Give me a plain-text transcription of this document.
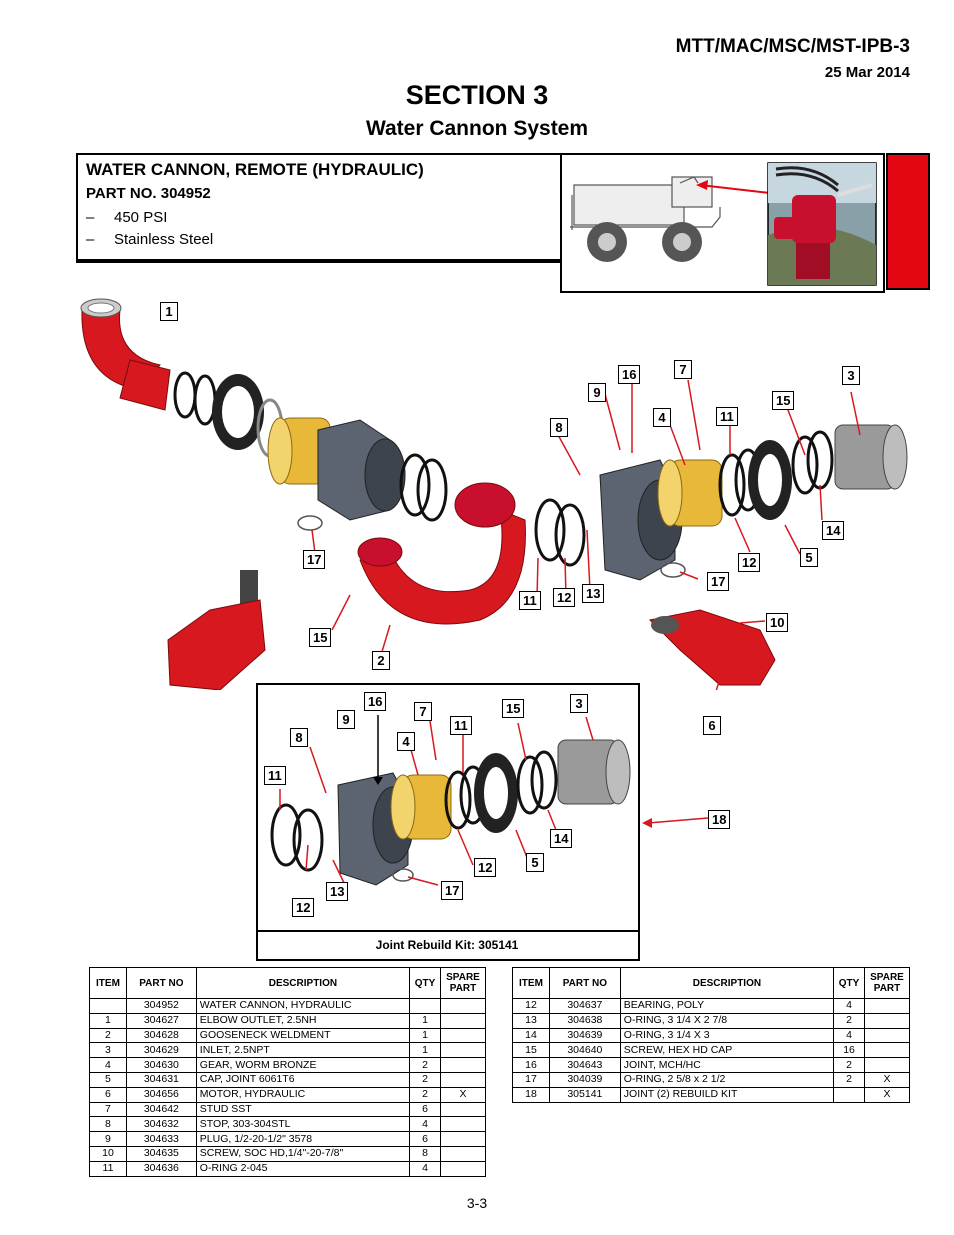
MTT/MAC/MSC/MST-IPB-3
25 Mar 2014
SECTION 3
Water Cannon System
WATER CANNON, REMOTE (HYDRAULIC)
PART NO. 304952
– 450 PSI
– Stainless Steel
1
16	7	3
9
4	11
15
8
14
17	12	5
17
11	12	13
10
15
2
6
18
Joint Rebuild Kit: 305141
16
7
3
9	11
15
8	4
11
14
12	5
13	17
12
ITEM	PART NO	DESCRIPTION	QTY	SPARE PART
	304952	WATER CANNON, HYDRAULIC		
1	304627	ELBOW OUTLET, 2.5NH	1	
2	304628	GOOSENECK WELDMENT	1	
3	304629	INLET, 2.5NPT	1	
4	304630	GEAR, WORM BRONZE	2	
5	304631	CAP, JOINT 6061T6	2	
6	304656	MOTOR, HYDRAULIC	2	X
7	304642	STUD SST	6	
8	304632	STOP, 303-304STL	4	
9	304633	PLUG, 1/2-20-1/2" 3578	6	
10	304635	SCREW, SOC HD,1/4"-20-7/8"	8	
11	304636	O-RING 2-045	4	
ITEM	PART NO	DESCRIPTION	QTY	SPARE PART
12	304637	BEARING, POLY	4	
13	304638	O-RING, 3 1/4 X 2 7/8	2	
14	304639	O-RING, 3 1/4 X 3	4	
15	304640	SCREW, HEX HD CAP	16	
16	304643	JOINT, MCH/HC	2	
17	304039	O-RING, 2 5/8 x 2 1/2	2	X
18	305141	JOINT (2) REBUILD KIT		X
3-3
